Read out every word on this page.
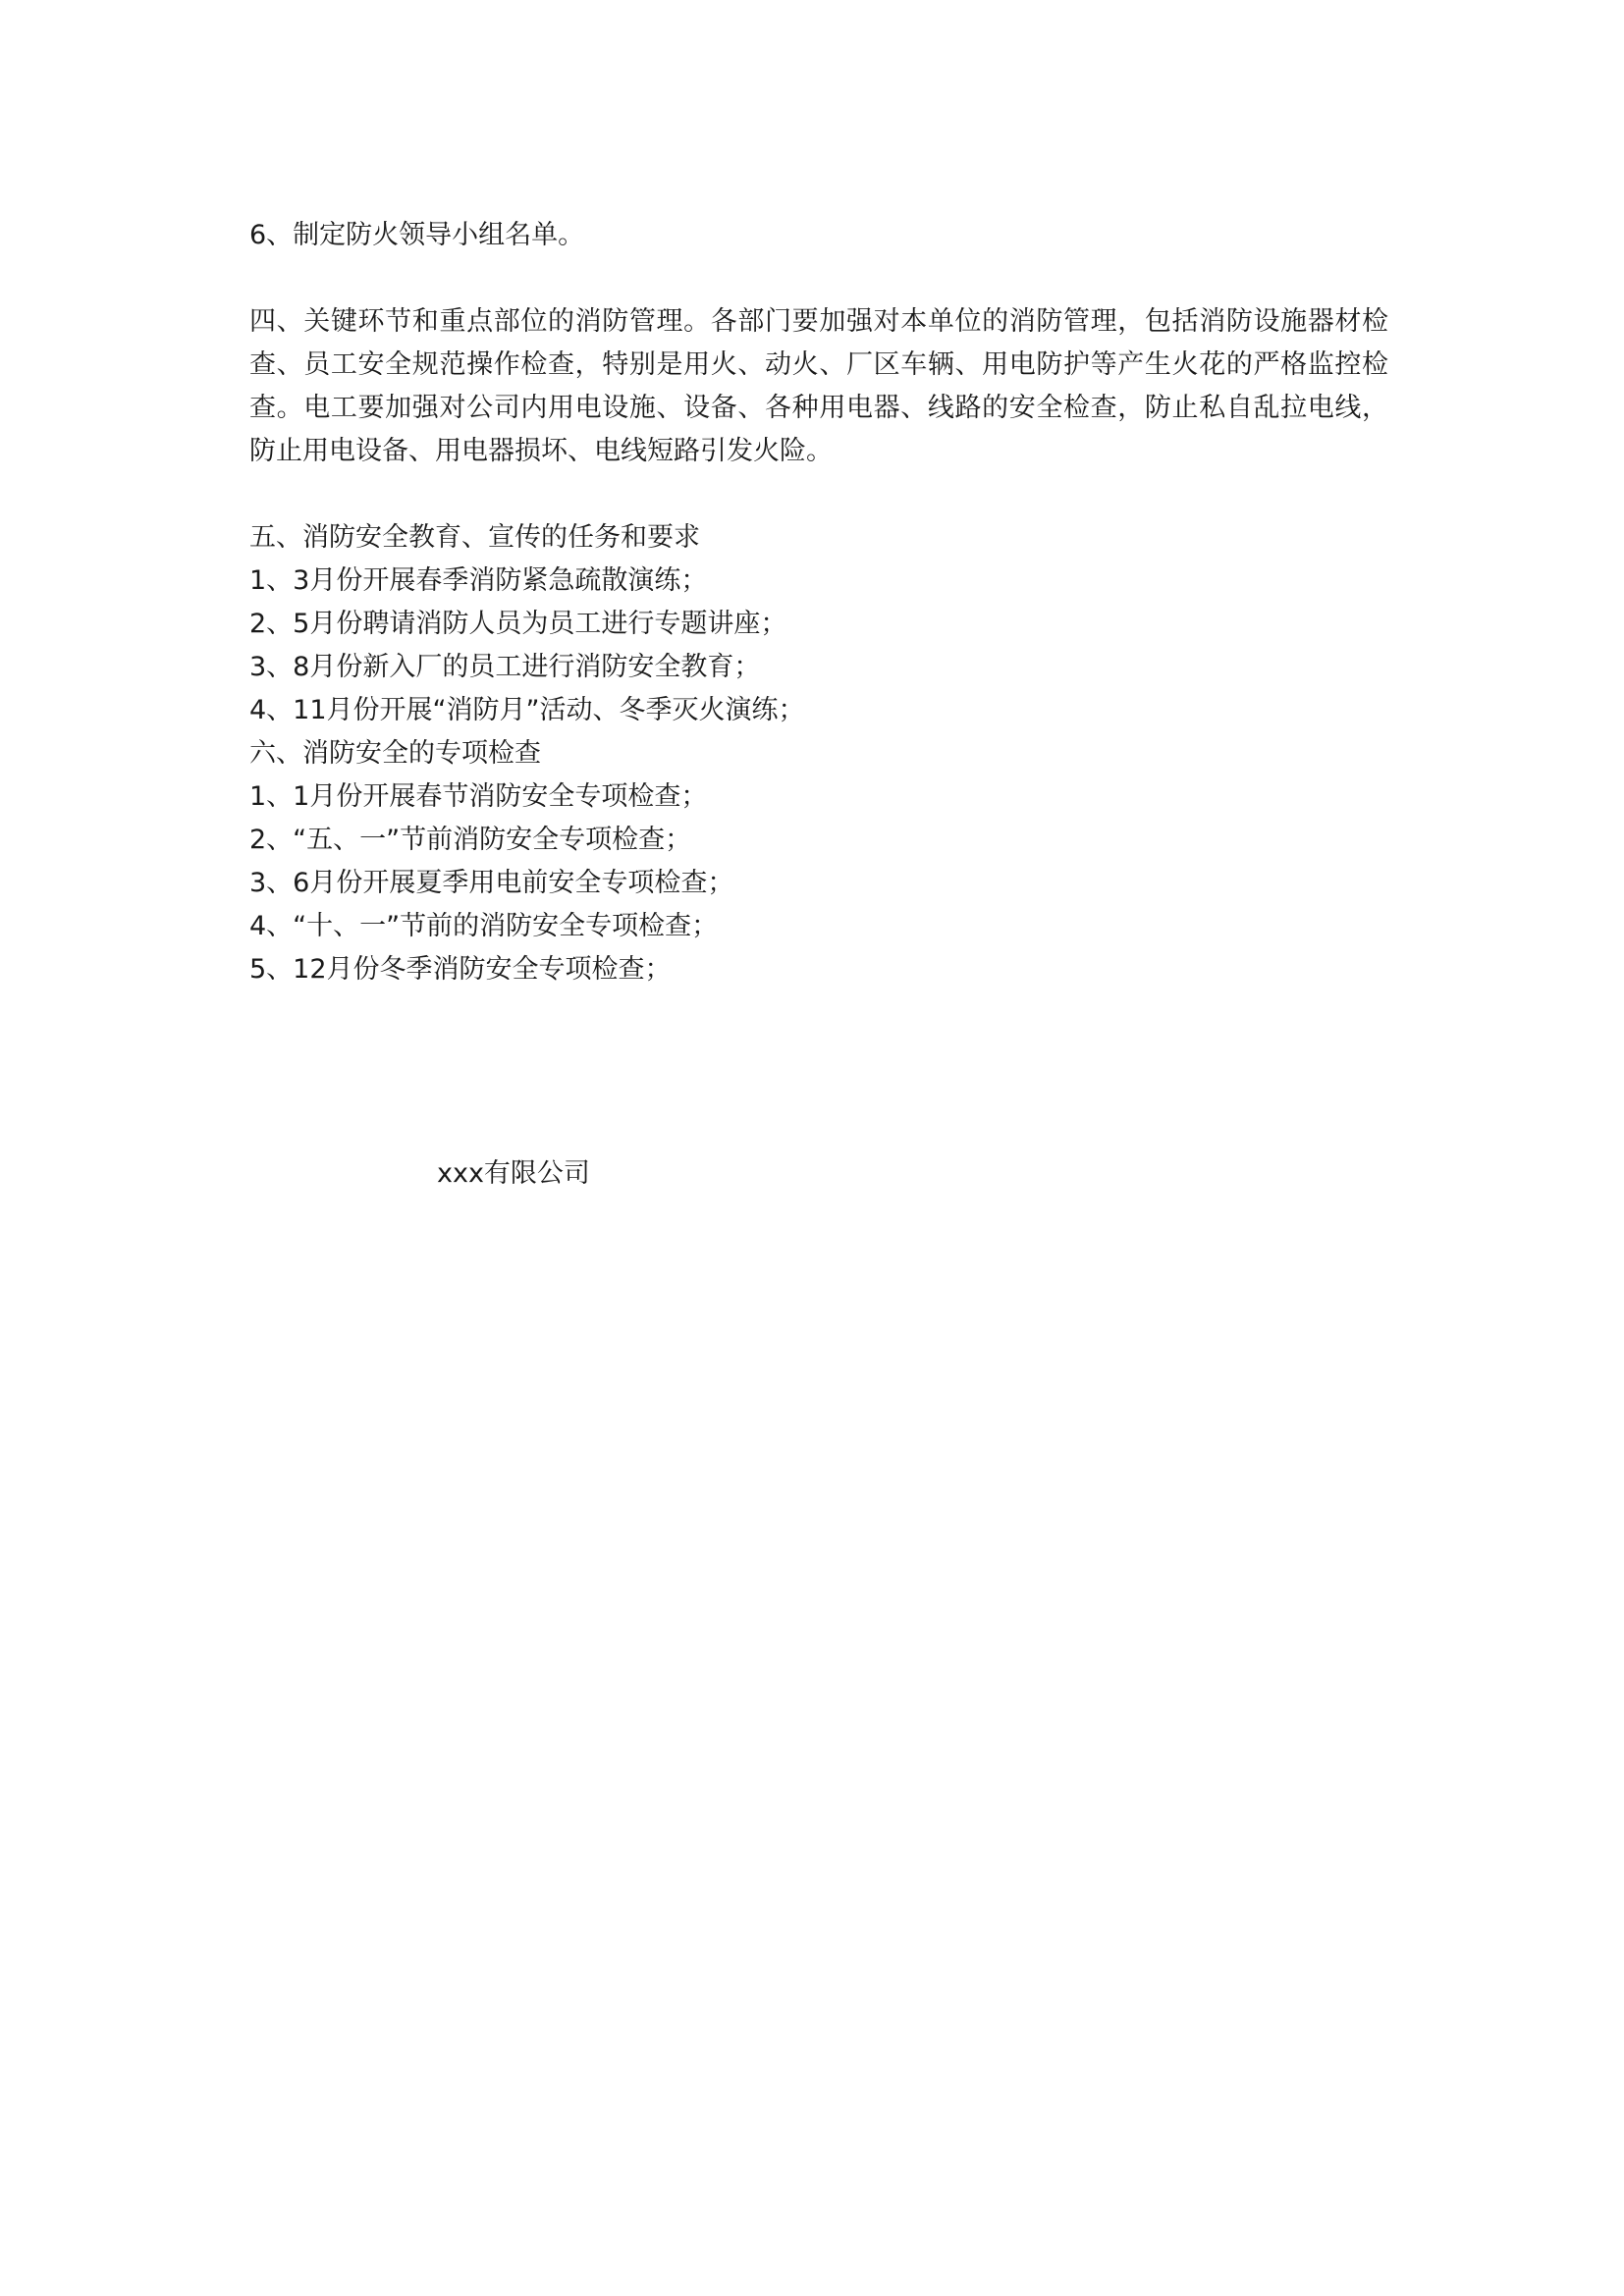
6、制定防火领导小组名单。

四、关键环节和重点部位的消防管理。各部门要加强对本单位的消防管理，包括消防设施器材检查、员工安全规范操作检查，特别是用火、动火、厂区车辆、用电防护等产生火花的严格监控检查。电工要加强对公司内用电设施、设备、各种用电器、线路的安全检查，防止私自乱拉电线，防止用电设备、用电器损坏、电线短路引发火险。

五、消防安全教育、宣传的任务和要求

1、3月份开展春季消防紧急疏散演练；

2、5月份聘请消防人员为员工进行专题讲座；

3、8月份新入厂的员工进行消防安全教育；

4、11月份开展“消防月”活动、冬季灭火演练；

六、消防安全的专项检查

1、1月份开展春节消防安全专项检查；

2、“五、一”节前消防安全专项检查；

3、6月份开展夏季用电前安全专项检查；

4、“十、一”节前的消防安全专项检查；

5、12月份冬季消防安全专项检查；

xxx有限公司
